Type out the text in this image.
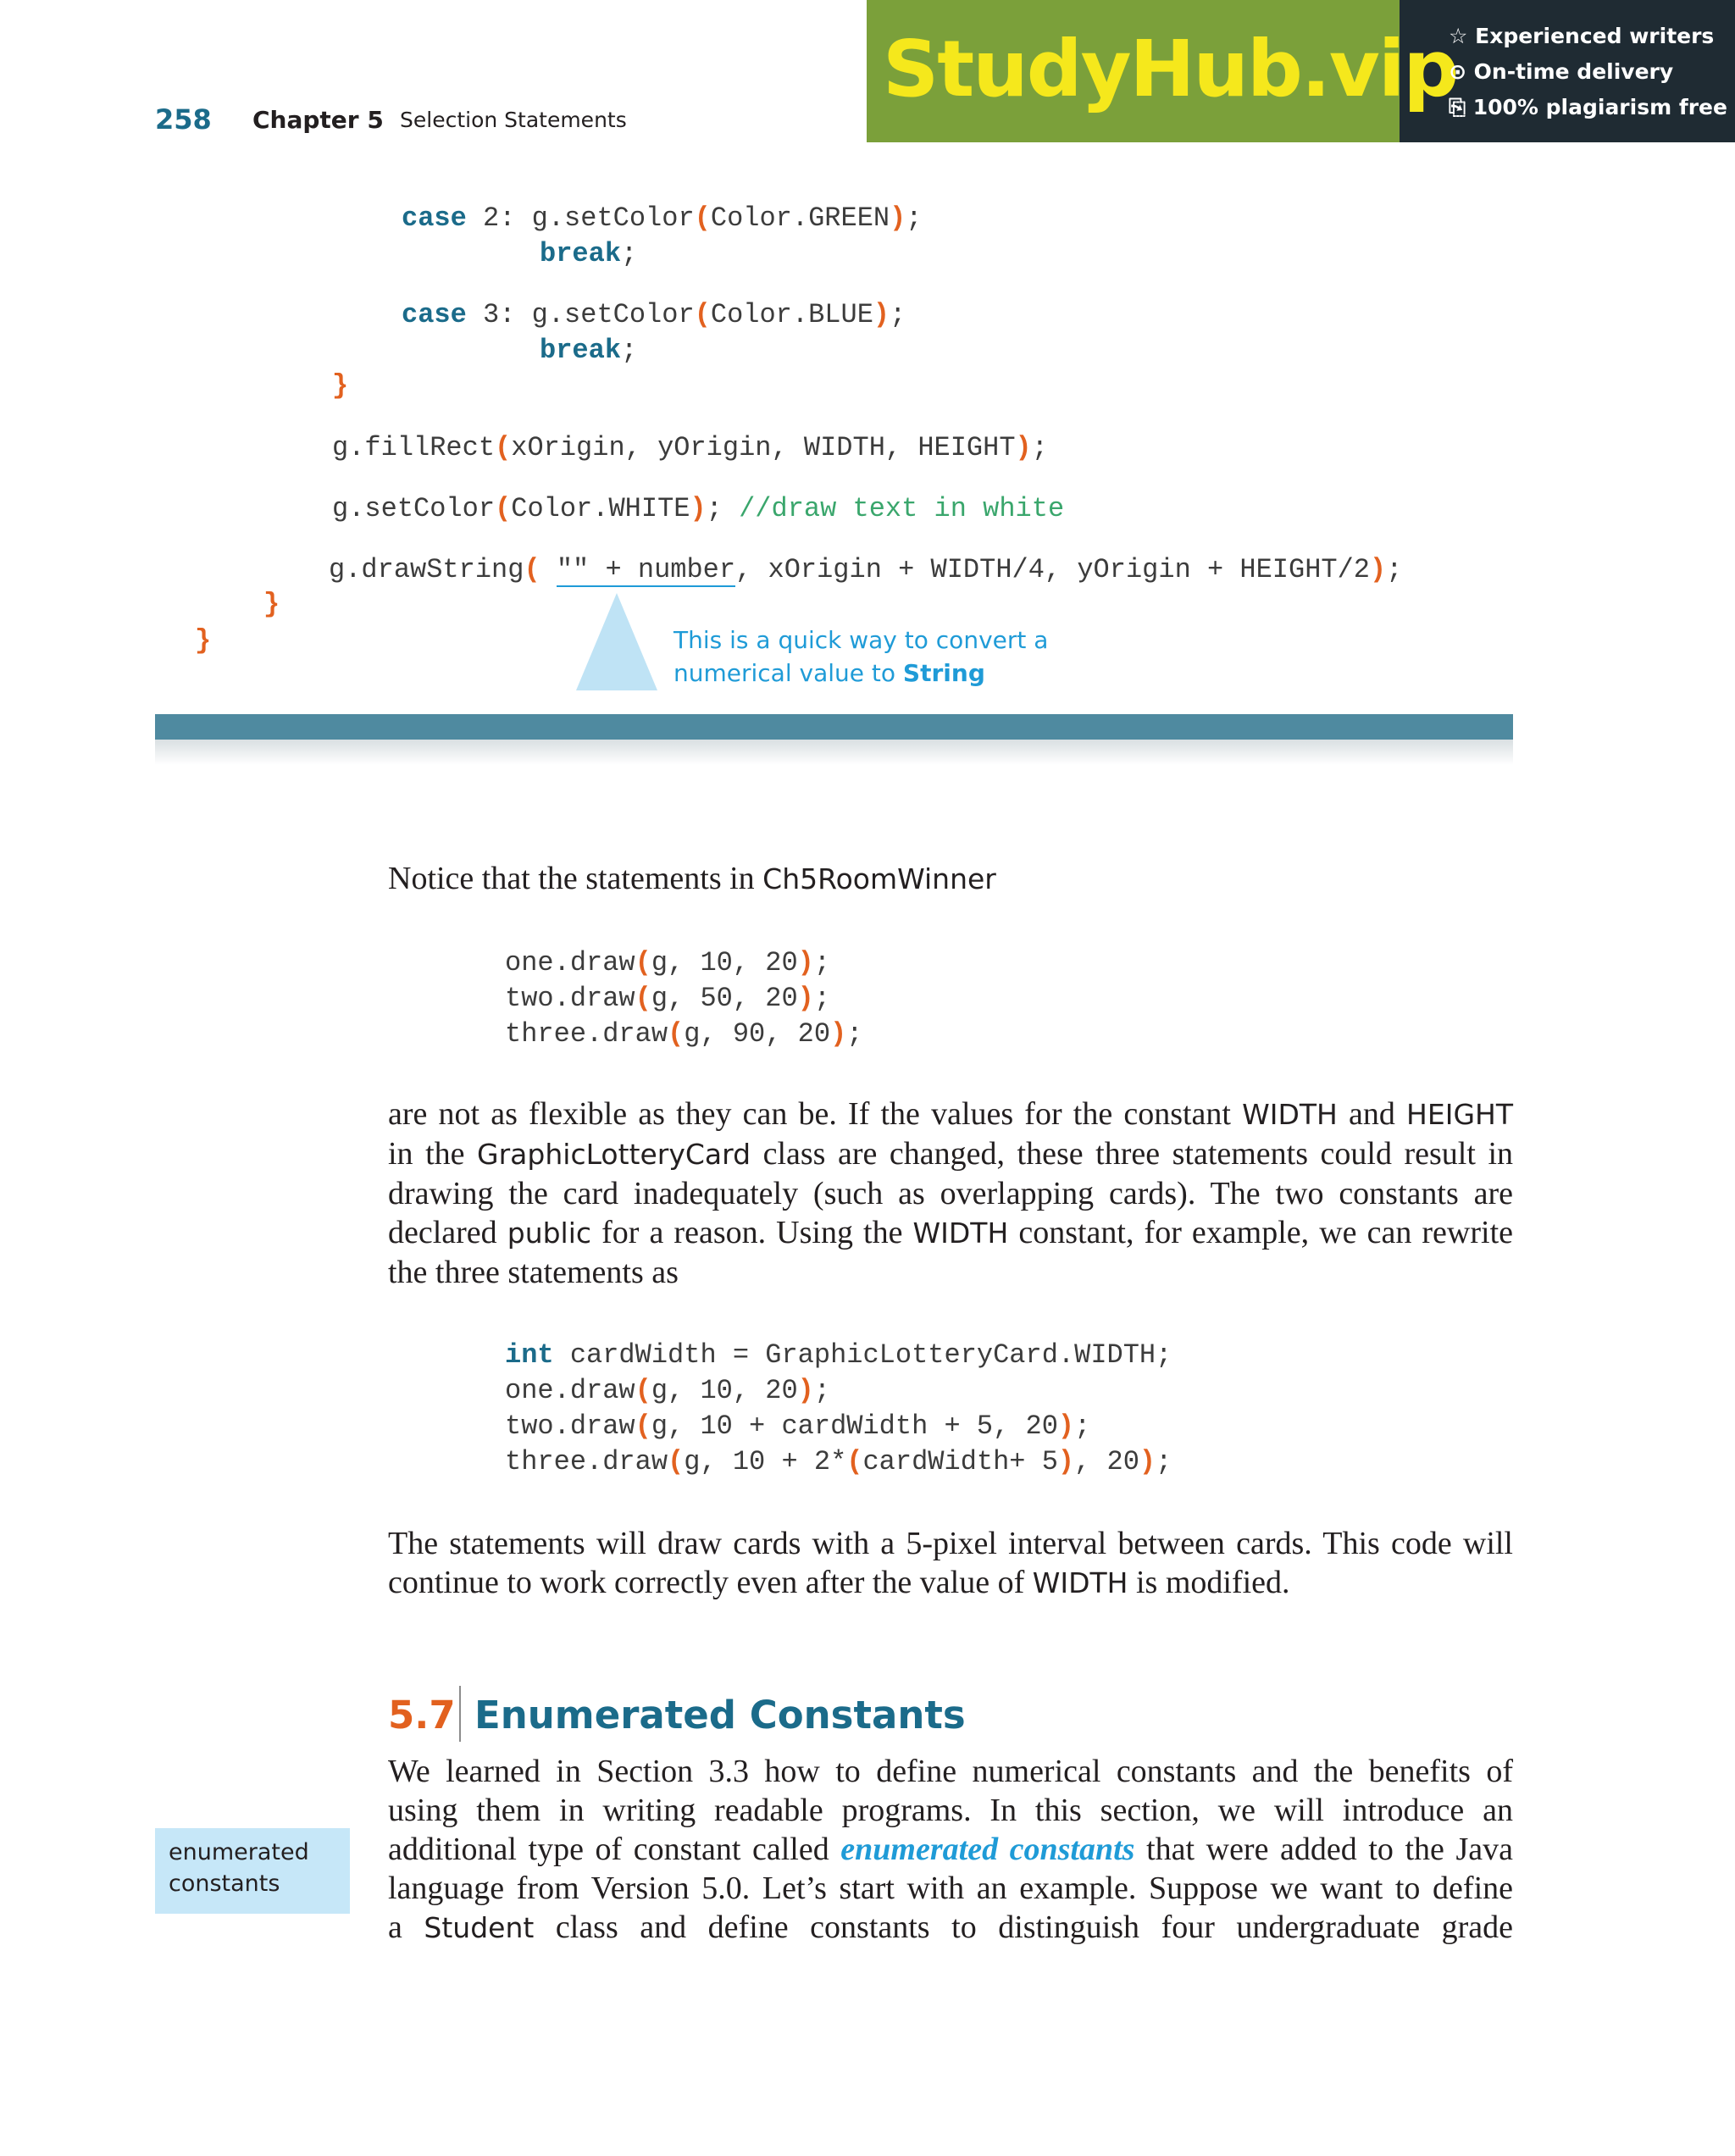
258 Chapter 5 Selection Statements
StudyHub.vip
☆ Experienced writers
⊙ On-time delivery
⎘ 100% plagiarism free
case 2: g.setColor(Color.GREEN);
break;
case 3: g.setColor(Color.BLUE);
break;
}
g.fillRect(xOrigin, yOrigin, WIDTH, HEIGHT);
g.setColor(Color.WHITE); //draw text in white
g.drawString( "" + number, xOrigin + WIDTH/4, yOrigin + HEIGHT/2);
}
}	This is a quick way to convert a
numerical value to String
Notice that the statements in Ch5RoomWinner
one.draw(g, 10, 20);
two.draw(g, 50, 20);
three.draw(g, 90, 20);
are not as flexible as they can be. If the values for the constant WIDTH and HEIGHT
in the GraphicLotteryCard class are changed, these three statements could result in
drawing the card inadequately (such as overlapping cards). The two constants are
declared public for a reason. Using the WIDTH constant, for example, we can rewrite
the three statements as
int cardWidth = GraphicLotteryCard.WIDTH;
one.draw(g, 10, 20);
two.draw(g, 10 + cardWidth + 5, 20);
three.draw(g, 10 + 2*(cardWidth+ 5), 20);
The statements will draw cards with a 5-pixel interval between cards. This code will
continue to work correctly even after the value of WIDTH is modified.
5.7 Enumerated Constants
enumerated
constants
We learned in Section 3.3 how to define numerical constants and the benefits of
using them in writing readable programs. In this section, we will introduce an
additional type of constant called enumerated constants that were added to the Java
language from Version 5.0. Let’s start with an example. Suppose we want to define
a Student class and define constants to distinguish four undergraduate grade
